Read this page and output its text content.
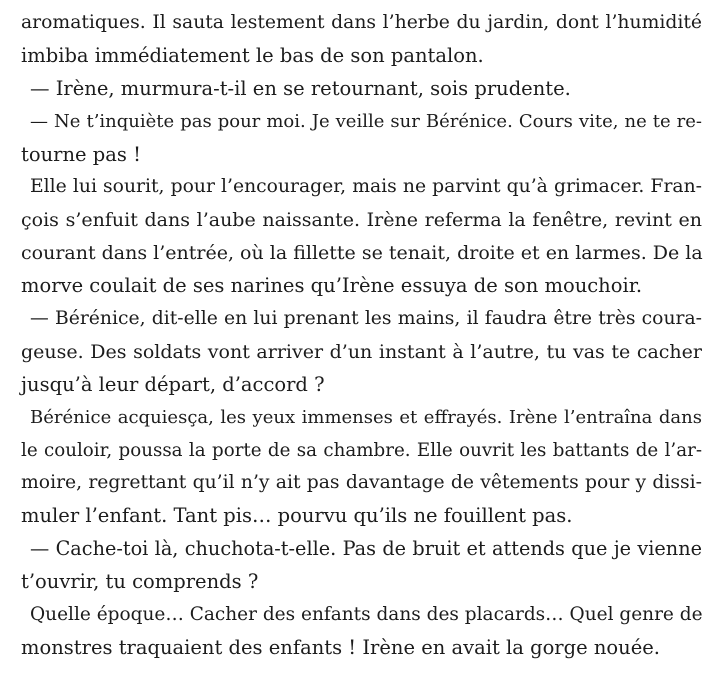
aromatiques. Il sauta lestement dans l’herbe du jardin, dont l’humidité
imbiba immédiatement le bas de son pantalon.
— Irène, murmura-t-il en se retournant, sois prudente.
— Ne t’inquiète pas pour moi. Je veille sur Bérénice. Cours vite, ne te re-
tourne pas !
Elle lui sourit, pour l’encourager, mais ne parvint qu’à grimacer. Fran-
çois s’enfuit dans l’aube naissante. Irène referma la fenêtre, revint en
courant dans l’entrée, où la fillette se tenait, droite et en larmes. De la
morve coulait de ses narines qu’Irène essuya de son mouchoir.
— Bérénice, dit-elle en lui prenant les mains, il faudra être très coura-
geuse. Des soldats vont arriver d’un instant à l’autre, tu vas te cacher
jusqu’à leur départ, d’accord ?
Bérénice acquiesça, les yeux immenses et effrayés. Irène l’entraîna dans
le couloir, poussa la porte de sa chambre. Elle ouvrit les battants de l’ar-
moire, regrettant qu’il n’y ait pas davantage de vêtements pour y dissi-
muler l’enfant. Tant pis… pourvu qu’ils ne fouillent pas.
— Cache-toi là, chuchota-t-elle. Pas de bruit et attends que je vienne
t’ouvrir, tu comprends ?
Quelle époque… Cacher des enfants dans des placards… Quel genre de
monstres traquaient des enfants ! Irène en avait la gorge nouée.
